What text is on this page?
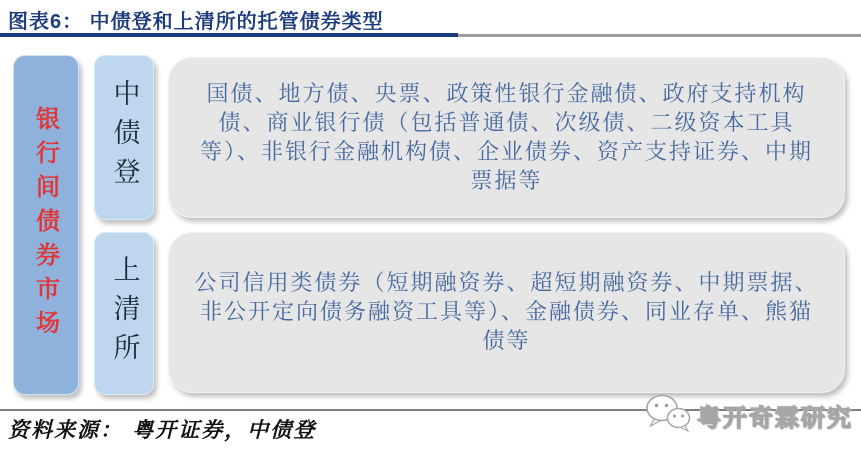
图表6： 中债登和上清所的托管债券类型
银行间债券市场 中债登	国债、地方债、央票、政策性银行金融债、政府支持机构债、商业银行债（包括普通债、次级债、二级资本工具等）、非银行金融机构债、企业债券、资产支持证券、中期票据等
上清所 公司信用类债券（短期融资券、超短期融资券、中期票据、非公开定向债务融资工具等）、金融债券、同业存单、熊猫债等
资料来源： 粤开证券，中债登	粤开奇霖研究
